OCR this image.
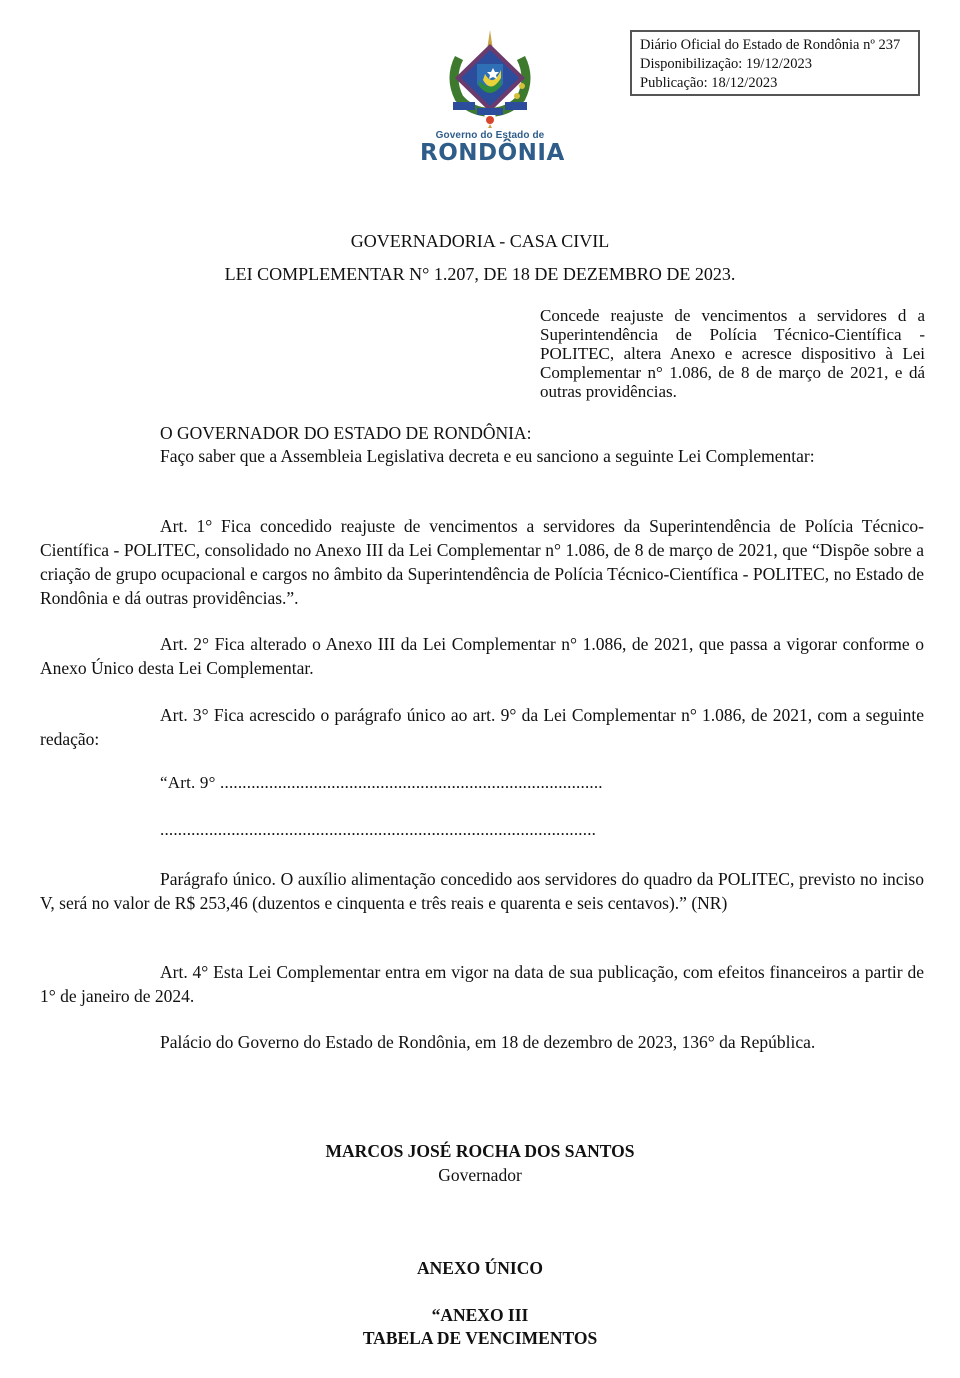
Governo do Estado de
RONDÔNIA
Diário Oficial do Estado de Rondônia nº 237
Disponibilização: 19/12/2023
Publicação: 18/12/2023
GOVERNADORIA - CASA CIVIL
LEI COMPLEMENTAR N° 1.207, DE 18 DE DEZEMBRO DE 2023.
Concede reajuste de vencimentos a servidores d a Superintendência de Polícia Técnico-Científica - POLITEC, altera Anexo e acresce dispositivo à Lei Complementar n° 1.086, de 8 de março de 2021, e dá outras providências.
O GOVERNADOR DO ESTADO DE RONDÔNIA:
Faço saber que a Assembleia Legislativa decreta e eu sanciono a seguinte Lei Complementar:
Art. 1° Fica concedido reajuste de vencimentos a servidores da Superintendência de Polícia Técnico-Científica - POLITEC, consolidado no Anexo III da Lei Complementar n° 1.086, de 8 de março de 2021, que “Dispõe sobre a criação de grupo ocupacional e cargos no âmbito da Superintendência de Polícia Técnico-Científica - POLITEC, no Estado de Rondônia e dá outras providências.”.
Art. 2° Fica alterado o Anexo III da Lei Complementar n° 1.086, de 2021, que passa a vigorar conforme o Anexo Único desta Lei Complementar.
Art. 3° Fica acrescido o parágrafo único ao art. 9° da Lei Complementar n° 1.086, de 2021, com a seguinte redação:
“Art. 9° ......................................................................................
..................................................................................................
Parágrafo único. O auxílio alimentação concedido aos servidores do quadro da POLITEC, previsto no inciso V, será no valor de R$ 253,46 (duzentos e cinquenta e três reais e quarenta e seis centavos).” (NR)
Art. 4° Esta Lei Complementar entra em vigor na data de sua publicação, com efeitos financeiros a partir de 1° de janeiro de 2024.
Palácio do Governo do Estado de Rondônia, em 18 de dezembro de 2023, 136° da República.
MARCOS JOSÉ ROCHA DOS SANTOS
Governador
ANEXO ÚNICO
“ANEXO III
TABELA DE VENCIMENTOS
